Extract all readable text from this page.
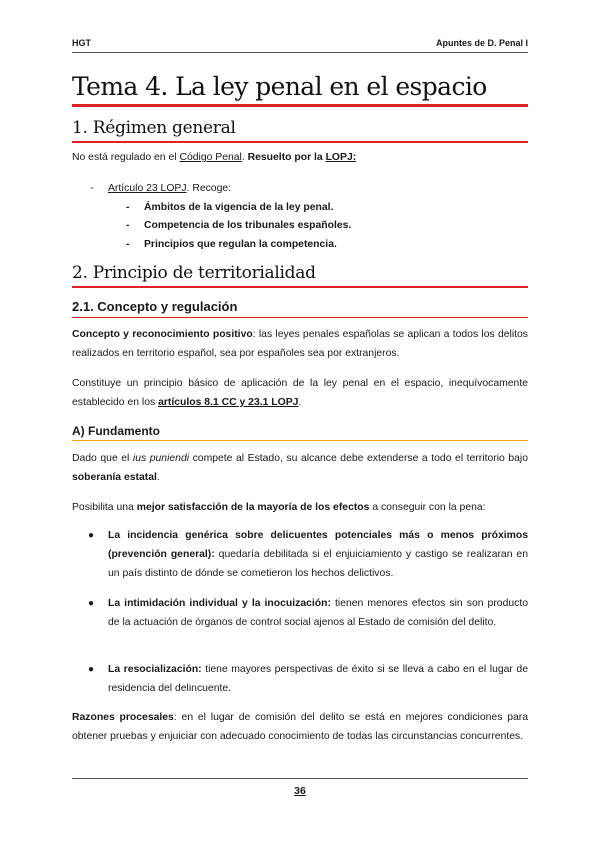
HGT	Apuntes de D. Penal I
Tema 4. La ley penal en el espacio
1. Régimen general
No está regulado en el Código Penal. Resuelto por la LOPJ:
- Artículo 23 LOPJ. Recoge:
- Ámbitos de la vigencia de la ley penal.
- Competencia de los tribunales españoles.
- Principios que regulan la competencia.
2. Principio de territorialidad
2.1. Concepto y regulación
Concepto y reconocimiento positivo: las leyes penales españolas se aplican a todos los delitos realizados en territorio español, sea por españoles sea por extranjeros.
Constituye un principio básico de aplicación de la ley penal en el espacio, inequívocamente establecido en los artículos 8.1 CC y 23.1 LOPJ.
A) Fundamento
Dado que el ius puniendi compete al Estado, su alcance debe extenderse a todo el territorio bajo soberanía estatal.
Posibilita una mejor satisfacción de la mayoría de los efectos a conseguir con la pena:
● La incidencia genérica sobre delicuentes potenciales más o menos próximos (prevención general): quedaría debilitada si el enjuiciamiento y castigo se realizaran en un país distinto de dónde se cometieron los hechos delictivos.
● La intimidación individual y la inocuización: tienen menores efectos sin son producto de la actuación de órganos de control social ajenos al Estado de comisión del delito.
● La resocialización: tiene mayores perspectivas de éxito si se lleva a cabo en el lugar de residencia del delincuente.
Razones procesales: en el lugar de comisión del delito se está en mejores condiciones para obtener pruebas y enjuiciar con adecuado conocimiento de todas las circunstancias concurrentes.
36
